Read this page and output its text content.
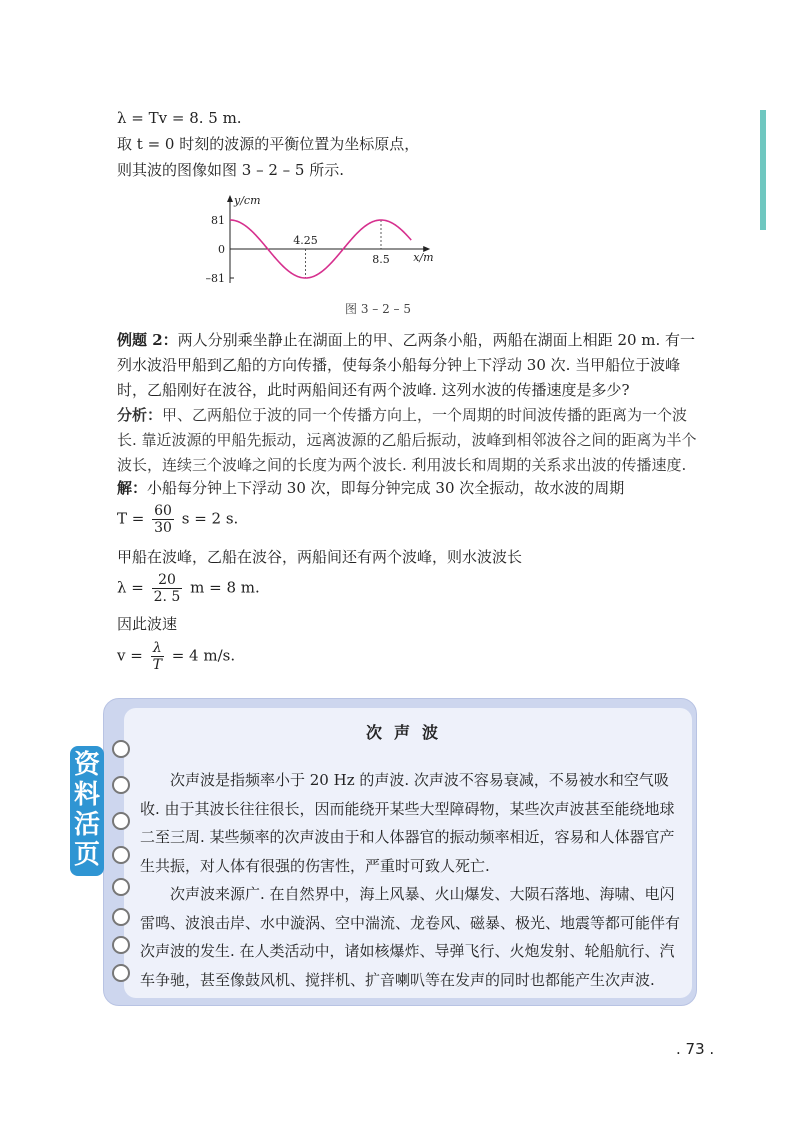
λ = Tv = 8. 5 m.
取 t = 0 时刻的波源的平衡位置为坐标原点，
则其波的图像如图 3 – 2 – 5 所示.
y/cm
x/m
81
0
–81
4.25
8.5
图 3 – 2 – 5

例题 2：两人分别乘坐静止在湖面上的甲、乙两条小船，两船在湖面上相距 20 m. 有一列水波沿甲船到乙船的方向传播，使每条小船每分钟上下浮动 30 次. 当甲船位于波峰时，乙船刚好在波谷，此时两船间还有两个波峰. 这列水波的传播速度是多少?

分析：甲、乙两船位于波的同一个传播方向上，一个周期的时间波传播的距离为一个波长. 靠近波源的甲船先振动，远离波源的乙船后振动，波峰到相邻波谷之间的距离为半个波长，连续三个波峰之间的长度为两个波长. 利用波长和周期的关系求出波的传播速度.

解：小船每分钟上下浮动 30 次，即每分钟完成 30 次全振动，故水波的周期
$T = \frac{60}{30}$ s = 2 s.
甲船在波峰，乙船在波谷，两船间还有两个波峰，则水波波长
$\lambda = \frac{20}{2. 5}$ m = 8 m.
因此波速
$v = \frac{\lambda}{T} = 4$ m/s.
资料活页
次声波

次声波是指频率小于 20 Hz 的声波. 次声波不容易衰减，不易被水和空气吸收. 由于其波长往往很长，因而能绕开某些大型障碍物，某些次声波甚至能绕地球二至三周. 某些频率的次声波由于和人体器官的振动频率相近，容易和人体器官产生共振，对人体有很强的伤害性，严重时可致人死亡.

次声波来源广. 在自然界中，海上风暴、火山爆发、大陨石落地、海啸、电闪雷鸣、波浪击岸、水中漩涡、空中湍流、龙卷风、磁暴、极光、地震等都可能伴有次声波的发生. 在人类活动中，诸如核爆炸、导弹飞行、火炮发射、轮船航行、汽车争驰，甚至像鼓风机、搅拌机、扩音喇叭等在发声的同时也都能产生次声波.

. 73 .
